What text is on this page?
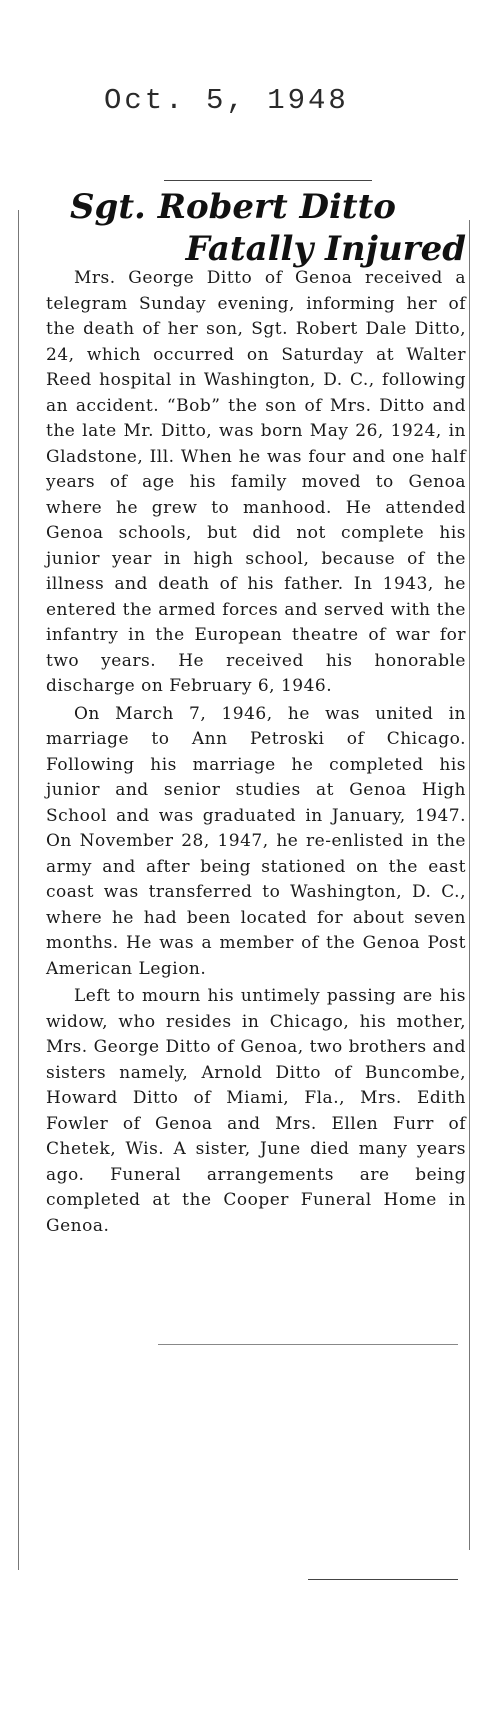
Oct. 5, 1948
Sgt. Robert Ditto
Fatally Injured

Mrs. George Ditto of Genoa received a telegram Sunday evening, informing her of the death of her son, Sgt. Robert Dale Ditto, 24, which occurred on Saturday at Walter Reed hospital in Washington, D. C., following an accident. “Bob” the son of Mrs. Ditto and the late Mr. Ditto, was born May 26, 1924, in Gladstone, Ill. When he was four and one half years of age his family moved to Genoa where he grew to manhood. He attended Genoa schools, but did not complete his junior year in high school, because of the illness and death of his father. In 1943, he entered the armed forces and served with the infantry in the European theatre of war for two years. He received his honorable discharge on February 6, 1946.

On March 7, 1946, he was united in marriage to Ann Petroski of Chicago. Following his marriage he completed his junior and senior studies at Genoa High School and was graduated in January, 1947. On November 28, 1947, he re-enlisted in the army and after being stationed on the east coast was transferred to Washington, D. C., where he had been located for about seven months. He was a member of the Genoa Post American Legion.

Left to mourn his untimely passing are his widow, who resides in Chicago, his mother, Mrs. George Ditto of Genoa, two brothers and sisters namely, Arnold Ditto of Buncombe, Howard Ditto of Miami, Fla., Mrs. Edith Fowler of Genoa and Mrs. Ellen Furr of Chetek, Wis. A sister, June died many years ago. Funeral arrangements are being completed at the Cooper Funeral Home in Genoa.
